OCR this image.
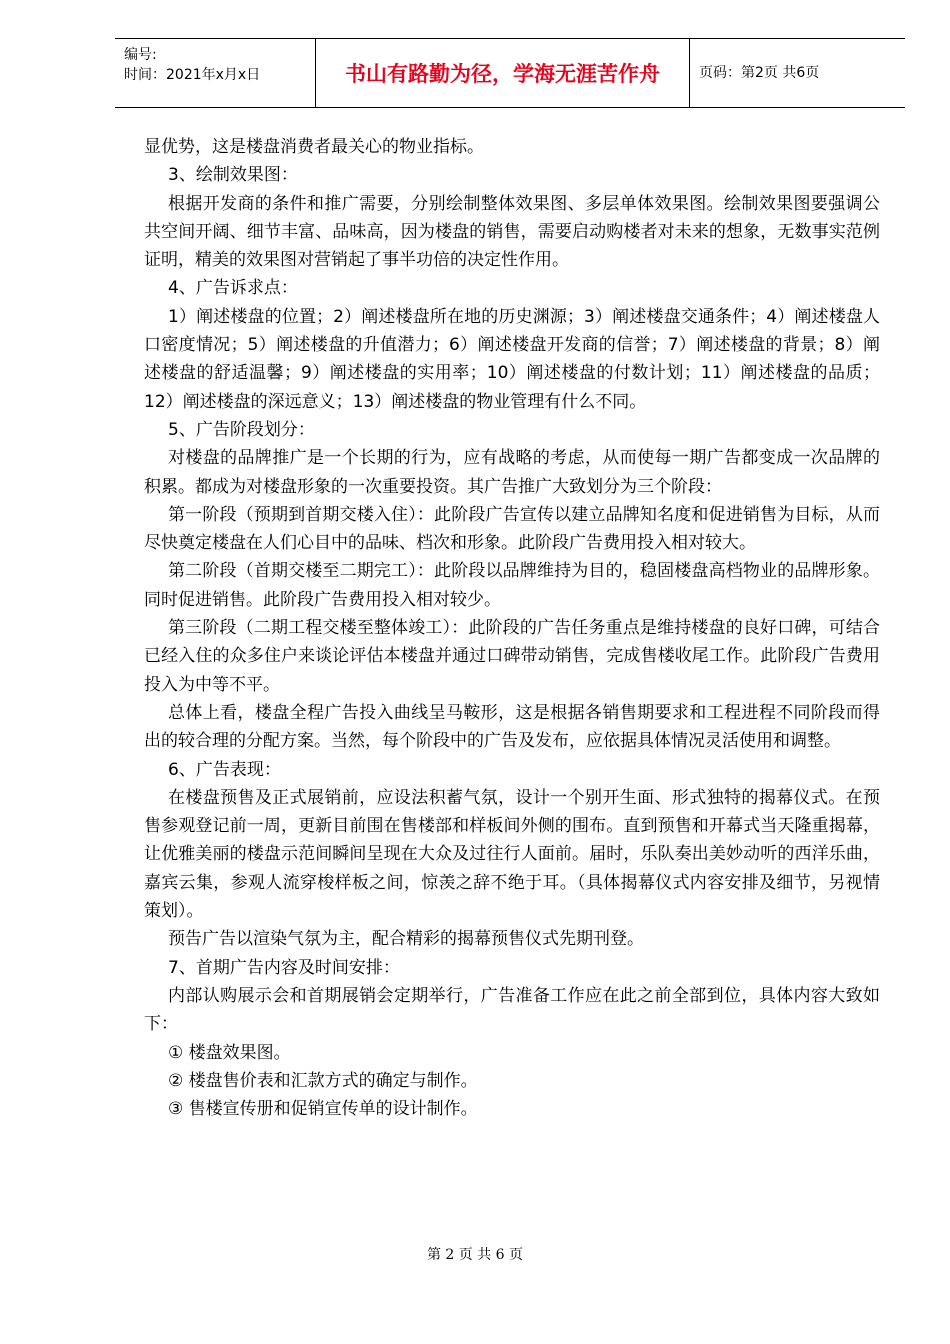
编号:
时间：2021年x月x日	书山有路勤为径，学海无涯苦作舟	页码：第2页 共6页

显优势，这是楼盘消费者最关心的物业指标。

3、绘制效果图：

根据开发商的条件和推广需要，分别绘制整体效果图、多层单体效果图。绘制效果图要强调公共空间开阔、细节丰富、品味高，因为楼盘的销售，需要启动购楼者对未来的想象，无数事实范例证明，精美的效果图对营销起了事半功倍的决定性作用。

4、广告诉求点：

1）阐述楼盘的位置；2）阐述楼盘所在地的历史渊源；3）阐述楼盘交通条件；4）阐述楼盘人口密度情况；5）阐述楼盘的升值潜力；6）阐述楼盘开发商的信誉；7）阐述楼盘的背景；8）阐述楼盘的舒适温馨；9）阐述楼盘的实用率；10）阐述楼盘的付数计划；11）阐述楼盘的品质；12）阐述楼盘的深远意义；13）阐述楼盘的物业管理有什么不同。

5、广告阶段划分：

对楼盘的品牌推广是一个长期的行为，应有战略的考虑，从而使每一期广告都变成一次品牌的积累。都成为对楼盘形象的一次重要投资。其广告推广大致划分为三个阶段：

第一阶段（预期到首期交楼入住）：此阶段广告宣传以建立品牌知名度和促进销售为目标，从而尽快奠定楼盘在人们心目中的品味、档次和形象。此阶段广告费用投入相对较大。

第二阶段（首期交楼至二期完工）：此阶段以品牌维持为目的，稳固楼盘高档物业的品牌形象。同时促进销售。此阶段广告费用投入相对较少。

第三阶段（二期工程交楼至整体竣工）：此阶段的广告任务重点是维持楼盘的良好口碑，可结合已经入住的众多住户来谈论评估本楼盘并通过口碑带动销售，完成售楼收尾工作。此阶段广告费用投入为中等不平。

总体上看，楼盘全程广告投入曲线呈马鞍形，这是根据各销售期要求和工程进程不同阶段而得出的较合理的分配方案。当然，每个阶段中的广告及发布，应依据具体情况灵活使用和调整。

6、广告表现：

在楼盘预售及正式展销前，应设法积蓄气氛，设计一个别开生面、形式独特的揭幕仪式。在预售参观登记前一周，更新目前围在售楼部和样板间外侧的围布。直到预售和开幕式当天隆重揭幕，让优雅美丽的楼盘示范间瞬间呈现在大众及过往行人面前。届时，乐队奏出美妙动听的西洋乐曲，嘉宾云集，参观人流穿梭样板之间，惊羡之辞不绝于耳。（具体揭幕仪式内容安排及细节，另视情策划）。

预告广告以渲染气氛为主，配合精彩的揭幕预售仪式先期刊登。

7、首期广告内容及时间安排：

内部认购展示会和首期展销会定期举行，广告准备工作应在此之前全部到位，具体内容大致如下：

① 楼盘效果图。

② 楼盘售价表和汇款方式的确定与制作。

③ 售楼宣传册和促销宣传单的设计制作。

第 2 页 共 6 页
